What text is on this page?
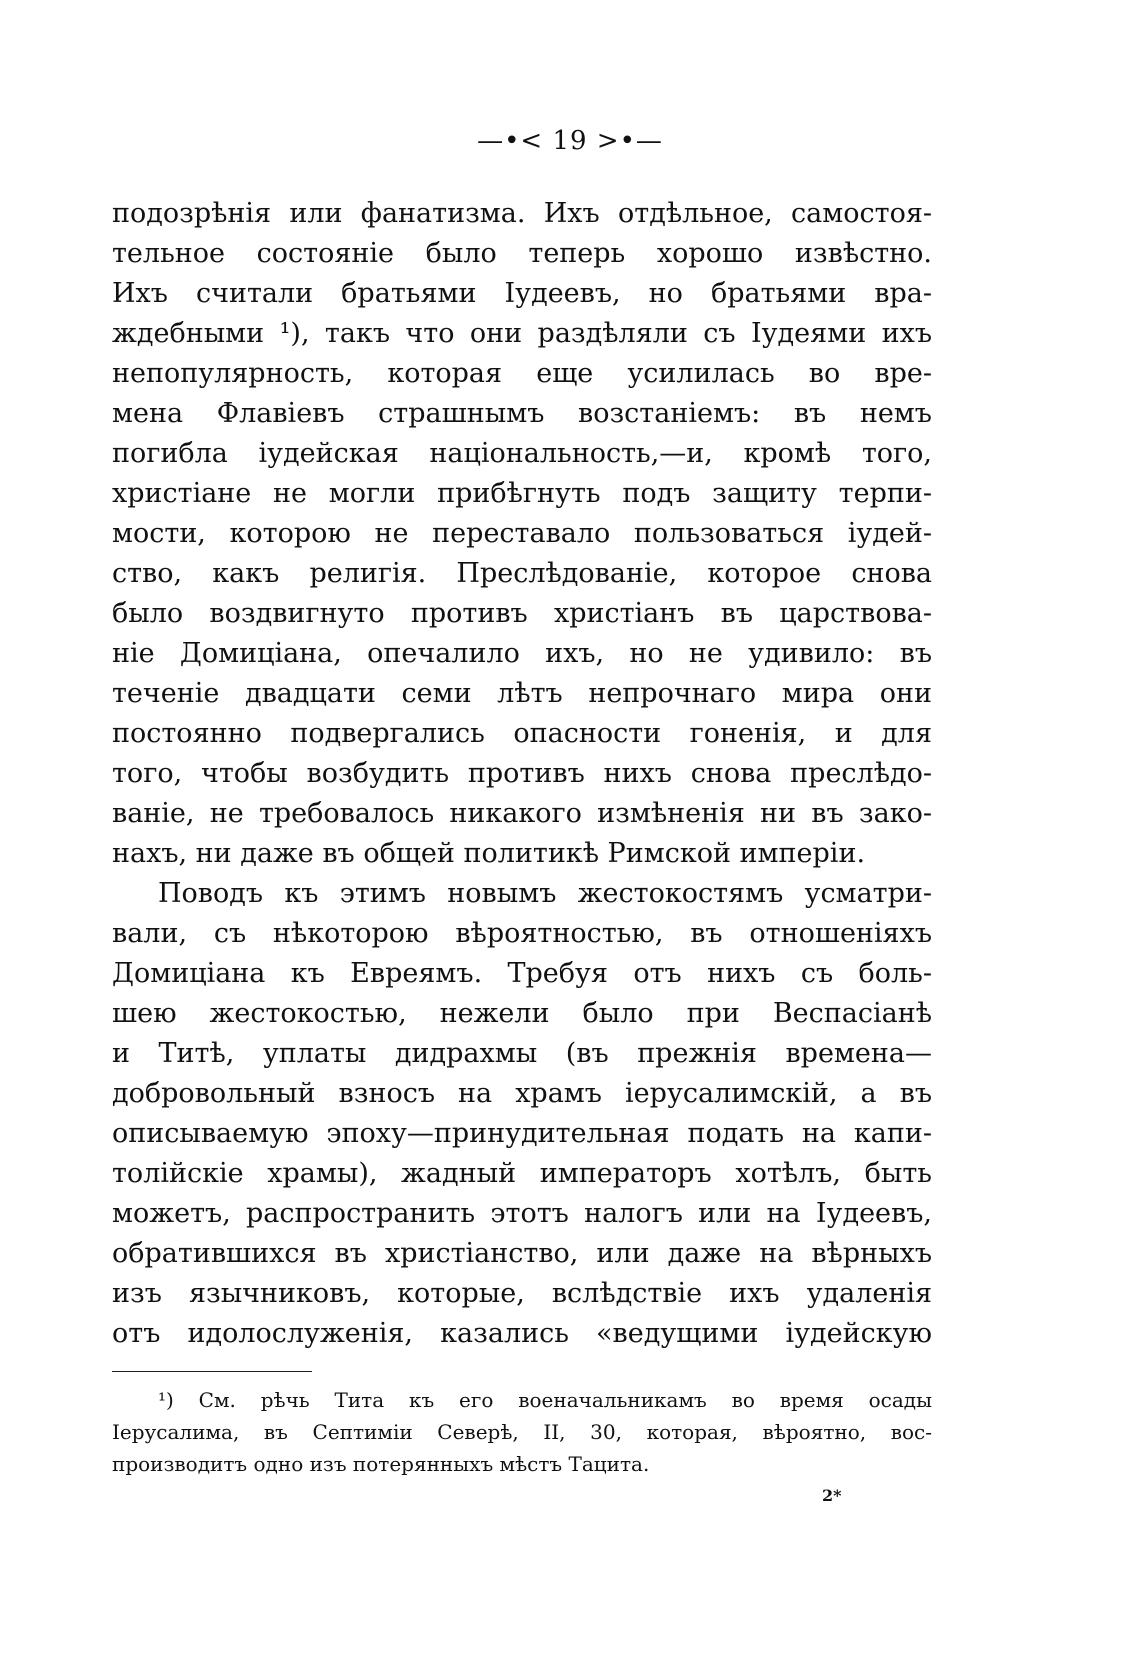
—•< 19 >•—
подозрѣнія или фанатизма. Ихъ отдѣльное, самостоя-
тельное состояніе было теперь хорошо извѣстно.
Ихъ считали братьями Іудеевъ, но братьями вра-
ждебными ¹), такъ что они раздѣляли съ Іудеями ихъ
непопулярность, которая еще усилилась во вре-
мена Флавіевъ страшнымъ возстаніемъ: въ немъ
погибла іудейская національность,—и, кромѣ того,
христіане не могли прибѣгнуть подъ защиту терпи-
мости, которою не переставало пользоваться іудей-
ство, какъ религія. Преслѣдованіе, которое снова
было воздвигнуто противъ христіанъ въ царствова-
ніе Домиціана, опечалило ихъ, но не удивило: въ
теченіе двадцати семи лѣтъ непрочнаго мира они
постоянно подвергались опасности гоненія, и для
того, чтобы возбудить противъ нихъ снова преслѣдо-
ваніе, не требовалось никакого измѣненія ни въ зако-
нахъ, ни даже въ общей политикѣ Римской имперіи.
Поводъ къ этимъ новымъ жестокостямъ усматри-
вали, съ нѣкоторою вѣроятностью, въ отношеніяхъ
Домиціана къ Евреямъ. Требуя отъ нихъ съ боль-
шею жестокостью, нежели было при Веспасіанѣ
и Титѣ, уплаты дидрахмы (въ прежнія времена—
добровольный взносъ на храмъ іерусалимскій, а въ
описываемую эпоху—принудительная подать на капи-
толійскіе храмы), жадный императоръ хотѣлъ, быть
можетъ, распространить этотъ налогъ или на Іудеевъ,
обратившихся въ христіанство, или даже на вѣрныхъ
изъ язычниковъ, которые, вслѣдствіе ихъ удаленія
отъ идолослуженія, казались «ведущими іудейскую
¹) См. рѣчь Тита къ его военачальникамъ во время осады
Іерусалима, въ Септиміи Северѣ, II, 30, которая, вѣроятно, вос-
производитъ одно изъ потерянныхъ мѣстъ Тацита.
2*
